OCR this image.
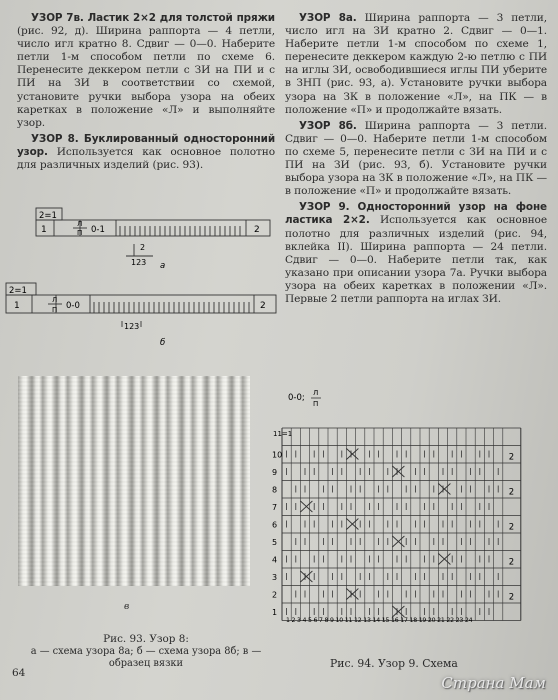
УЗОР 7в. Ластик 2×2 для толстой пряжи (рис. 92, д). Ширина раппорта — 4 петли, число игл кратно 8. Сдвиг — 0—0. Наберите петли 1-м способом петли по схеме 6. Перенесите деккером петли с ЗИ на ПИ и с ПИ на ЗИ в соответствии со схемой, установите ручки выбора узора на обеих каретках в положение «Л» и выполняйте узор.

УЗОР 8. Буклированный односторонний узор. Используется как основное полотно для различных изделий (рис. 93).

УЗОР 8а. Ширина раппорта — 3 петли, число игл на ЗИ кратно 2. Сдвиг — 0—1. Наберите петли 1-м способом по схеме 1, перенесите деккером каждую 2-ю петлю с ПИ на иглы ЗИ, освободившиеся иглы ПИ уберите в ЗНП (рис. 93, а). Установите ручки выбора узора на ЗК в положение «Л», на ПК — в положение «П» и продолжайте вязать.

УЗОР 8б. Ширина раппорта — 3 петли. Сдвиг — 0—0. Наберите петли 1-м способом по схеме 5, перенесите петли с ЗИ на ПИ и с ПИ на ЗИ (рис. 93, б). Установите ручки выбора узора на ЗК в положение «Л», на ПК — в положение «П» и продолжайте вязать.

УЗОР 9. Односторонний узор на фоне ластика 2×2. Используется как основное полотно для различных изделий (рис. 94, вклейка II). Ширина раппорта — 24 петли. Сдвиг — 0—0. Наберите петли так, как указано при описании узора 7а. Ручки выбора узора на обеих каретках в положении «Л». Первые 2 петли раппорта на иглах ЗИ.

2=1
1
Л
П 0-1	2
2
123 а
2=1
1
Л
П 0-0	2
123
б
в
0-0; Л
П
11=1
10
9
8
7
6
5
4
3
2
1
2
2
2
2
2
1 2 3 4 5 6 7 8 9 10 11 12 13 14 15 16 17 18 19 20 21 22 23 24
Рис. 93. Узор 8:
а — схема узора 8а; б — схема узора 8б; в — образец вязки	Рис. 94. Узор 9. Схема
64
Страна Мам
